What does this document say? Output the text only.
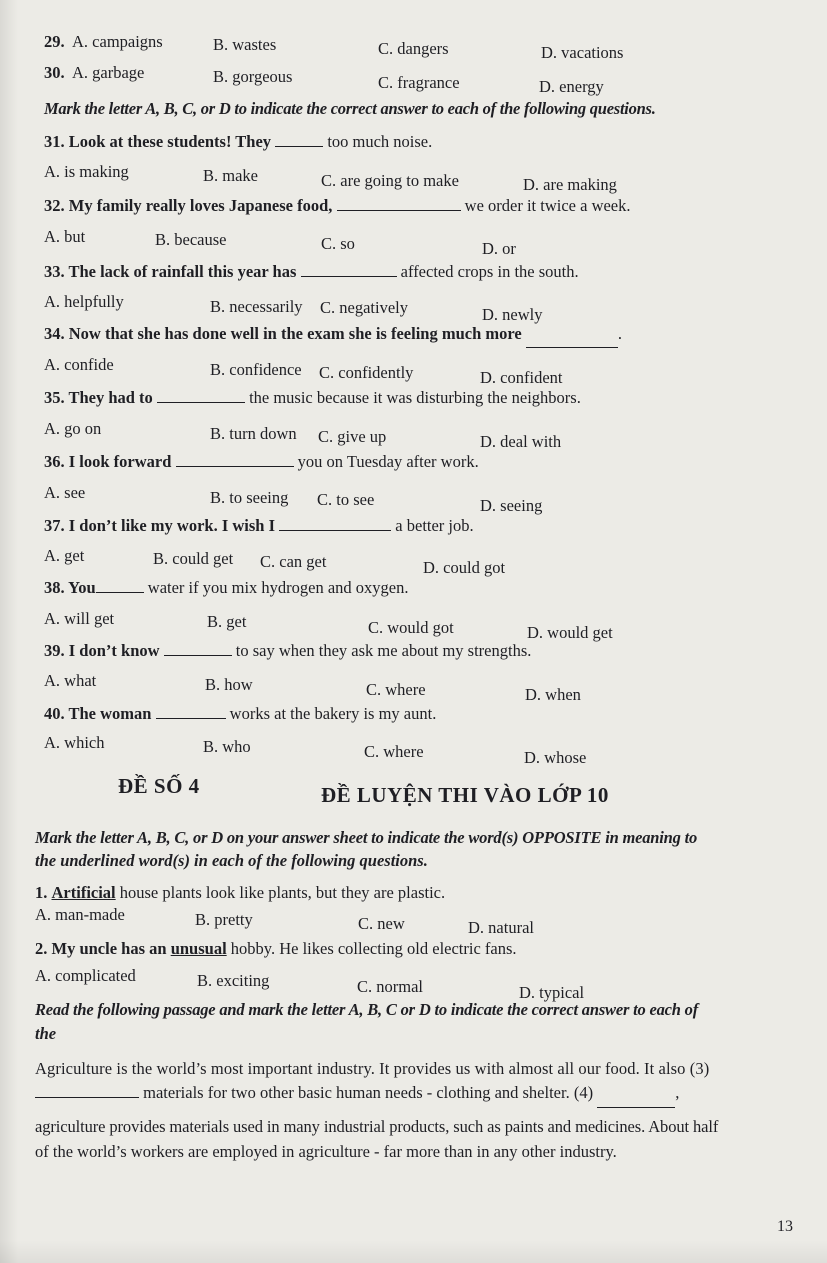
29. A. campaigns	B. wastes	C. dangers	D. vacations
30. A. garbage	B. gorgeous	C. fragrance	D. energy
Mark the letter A, B, C, or D to indicate the correct answer to each of the following questions.
31. Look at these students! They	too much noise.
A. is making	B. make	C. are going to make	D. are making
32. My family really loves Japanese food,	we order it twice a week.
A. but	B. because	C. so	D. or
33. The lack of rainfall this year has	affected crops in the south.
A. helpfully	B. necessarily C. negatively	D. newly
34. Now that she has done well in the exam she is feeling much more	.
A. confide	B. confidence C. confidently	D. confident
35. They had to	the music because it was disturbing the neighbors.
A. go on	B. turn down C. give up	D. deal with
36. I look forward	you on Tuesday after work.
A. see	B. to seeing C. to see	D. seeing
37. I don’t like my work. I wish I	a better job.
A. get	B. could get C. can get	D. could got
38. You	water if you mix hydrogen and oxygen.
A. will get	B. get	C. would got	D. would get
39. I don’t know	to say when they ask me about my strengths.
A. what	B. how	C. where	D. when
40. The woman	works at the bakery is my aunt.
A. which	B. who	C. where	D. whose
ĐỀ SỐ 4	ĐỀ LUYỆN THI VÀO LỚP 10
Mark the letter A, B, C, or D on your answer sheet to indicate the word(s) OPPOSITE in meaning to
the underlined word(s) in each of the following questions.
1. Artificial house plants look like plants, but they are plastic.
A. man-made	B. pretty	C. new	D. natural
2. My uncle has an unusual hobby. He likes collecting old electric fans.
A. complicated	B. exciting	C. normal	D. typical
Read the following passage and mark the letter A, B, C or D to indicate the correct answer to each of
the
Agriculture is the world’s most important industry. It provides us with almost all our food. It also (3)
materials for two other basic human needs - clothing and shelter. (4)	,
agriculture provides materials used in many industrial products, such as paints and medicines. About half
of the world’s workers are employed in agriculture - far more than in any other industry.
13
